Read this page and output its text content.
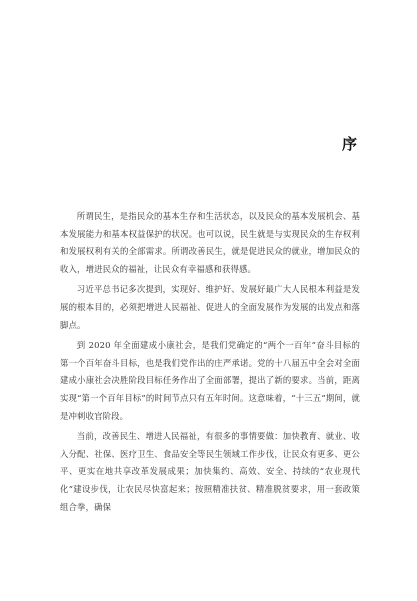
序

所谓民生，是指民众的基本生存和生活状态，以及民众的基本发展机会、基本发展能力和基本权益保护的状况。也可以说，民生就是与实现民众的生存权利和发展权利有关的全部需求。所谓改善民生，就是促进民众的就业，增加民众的收入，增进民众的福祉，让民众有幸福感和获得感。

习近平总书记多次提到，实现好、维护好、发展好最广大人民根本利益是发展的根本目的，必须把增进人民福祉、促进人的全面发展作为发展的出发点和落脚点。

到 2020 年全面建成小康社会，是我们党确定的“两个一百年”奋斗目标的第一个百年奋斗目标，也是我们党作出的庄严承诺。党的十八届五中全会对全面建成小康社会决胜阶段目标任务作出了全面部署，提出了新的要求。当前，距离实现“第一个百年目标”的时间节点只有五年时间。这意味着，“十三五”期间，就是冲刺收官阶段。

当前，改善民生、增进人民福祉，有很多的事情要做：加快教育、就业、收入分配、社保、医疗卫生、食品安全等民生领域工作步伐，让民众有更多、更公平、更实在地共享改革发展成果；加快集约、高效、安全、持续的“农业现代化”建设步伐，让农民尽快富起来；按照精准扶贫、精准脱贫要求，用一套政策组合拳，确保
